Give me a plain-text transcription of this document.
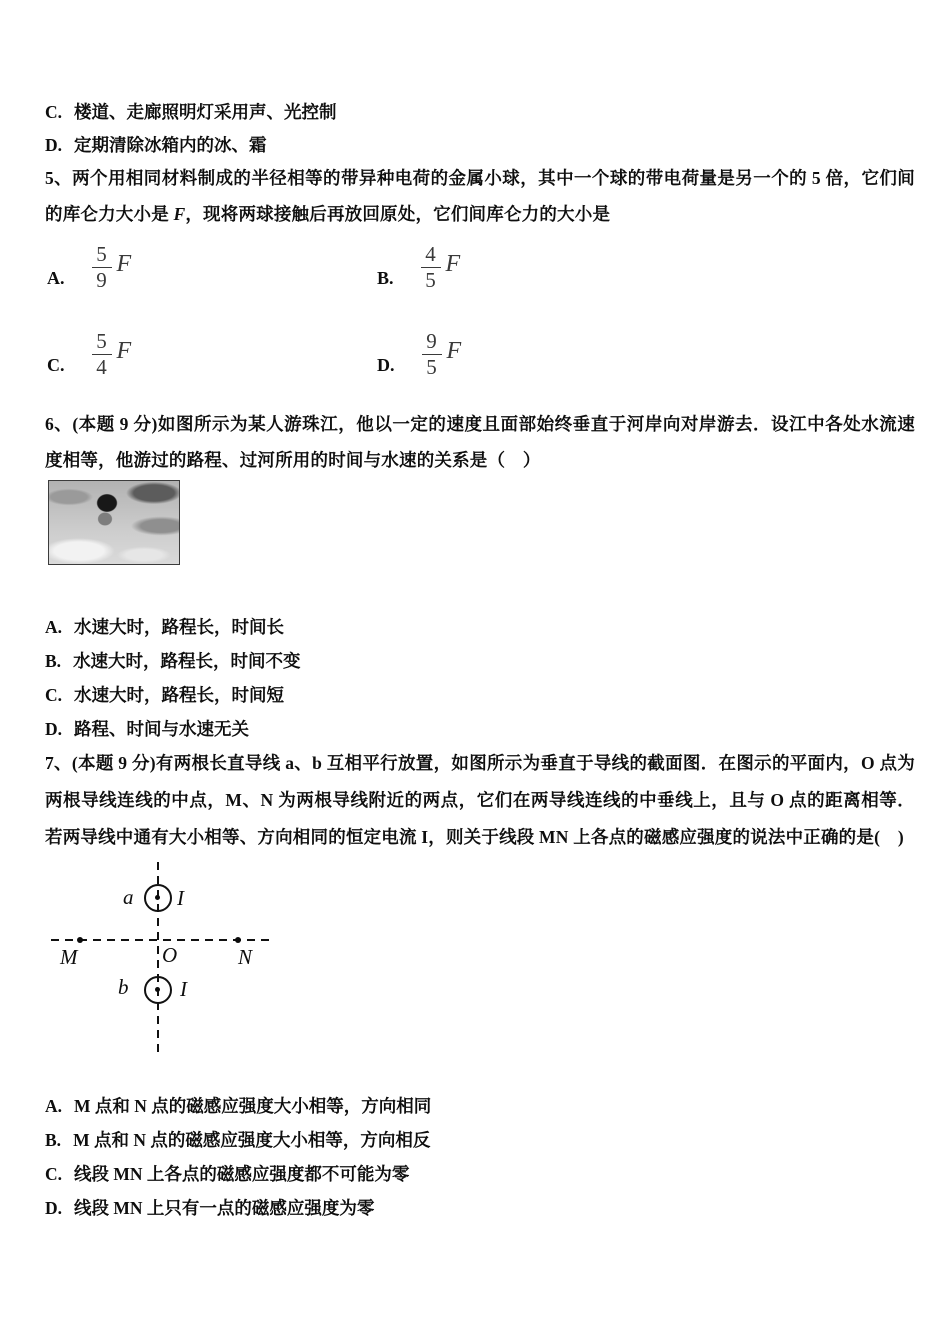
C. 楼道、走廊照明灯采用声、光控制
D. 定期清除冰箱内的冰、霜
5、两个用相同材料制成的半径相等的带异种电荷的金属小球，其中一个球的带电荷量是另一个的 5 倍，它们间的库仑力大小是 F，现将两球接触后再放回原处，它们间库仑力的大小是
A. $\frac{5}{9}$ F
B. $\frac{4}{5}$ F
C. $\frac{5}{4}$ F
D. $\frac{9}{5}$ F
6、(本题 9 分)如图所示为某人游珠江，他以一定的速度且面部始终垂直于河岸向对岸游去．设江中各处水流速度相等，他游过的路程、过河所用的时间与水速的关系是（　）
A. 水速大时，路程长，时间长
B. 水速大时，路程长，时间不变
C. 水速大时，路程长，时间短
D. 路程、时间与水速无关
7、(本题 9 分)有两根长直导线 a、b 互相平行放置，如图所示为垂直于导线的截面图．在图示的平面内，O 点为两根导线连线的中点，M、N 为两根导线附近的两点，它们在两导线连线的中垂线上，且与 O 点的距离相等．若两导线中通有大小相等、方向相同的恒定电流 I，则关于线段 MN 上各点的磁感应强度的说法中正确的是(　)
a I
b I
M	O	N
A. M 点和 N 点的磁感应强度大小相等，方向相同
B. M 点和 N 点的磁感应强度大小相等，方向相反
C. 线段 MN 上各点的磁感应强度都不可能为零
D. 线段 MN 上只有一点的磁感应强度为零
